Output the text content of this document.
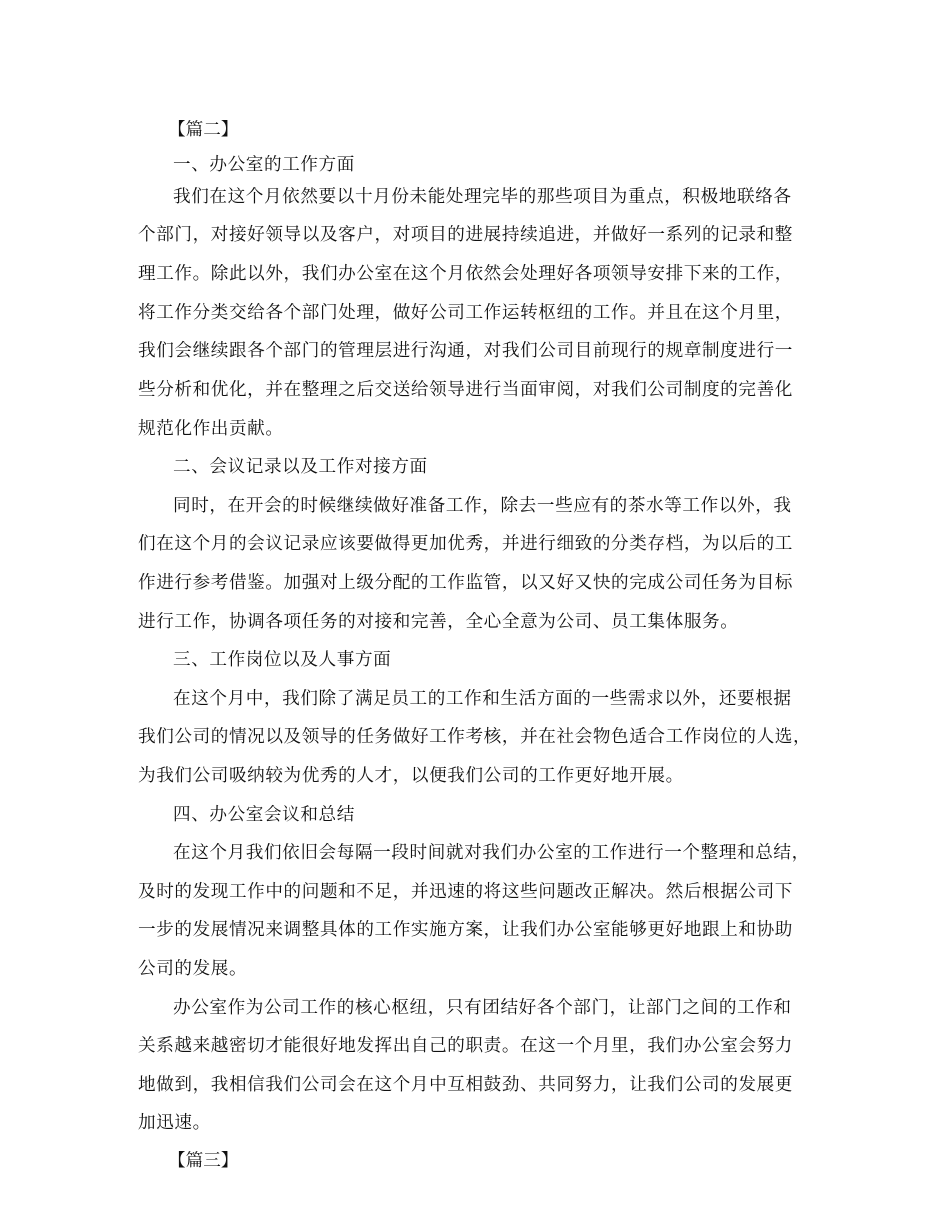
【篇二】
一、办公室的工作方面
我们在这个月依然要以十月份未能处理完毕的那些项目为重点，积极地联络各
个部门，对接好领导以及客户，对项目的进展持续追进，并做好一系列的记录和整
理工作。除此以外，我们办公室在这个月依然会处理好各项领导安排下来的工作，
将工作分类交给各个部门处理，做好公司工作运转枢纽的工作。并且在这个月里，
我们会继续跟各个部门的管理层进行沟通，对我们公司目前现行的规章制度进行一
些分析和优化，并在整理之后交送给领导进行当面审阅，对我们公司制度的完善化
规范化作出贡献。
二、会议记录以及工作对接方面
同时，在开会的时候继续做好准备工作，除去一些应有的茶水等工作以外，我
们在这个月的会议记录应该要做得更加优秀，并进行细致的分类存档，为以后的工
作进行参考借鉴。加强对上级分配的工作监管，以又好又快的完成公司任务为目标
进行工作，协调各项任务的对接和完善，全心全意为公司、员工集体服务。
三、工作岗位以及人事方面
在这个月中，我们除了满足员工的工作和生活方面的一些需求以外，还要根据
我们公司的情况以及领导的任务做好工作考核，并在社会物色适合工作岗位的人选，
为我们公司吸纳较为优秀的人才，以便我们公司的工作更好地开展。
四、办公室会议和总结
在这个月我们依旧会每隔一段时间就对我们办公室的工作进行一个整理和总结，
及时的发现工作中的问题和不足，并迅速的将这些问题改正解决。然后根据公司下
一步的发展情况来调整具体的工作实施方案，让我们办公室能够更好地跟上和协助
公司的发展。
办公室作为公司工作的核心枢纽，只有团结好各个部门，让部门之间的工作和
关系越来越密切才能很好地发挥出自己的职责。在这一个月里，我们办公室会努力
地做到，我相信我们公司会在这个月中互相鼓劲、共同努力，让我们公司的发展更
加迅速。
【篇三】
